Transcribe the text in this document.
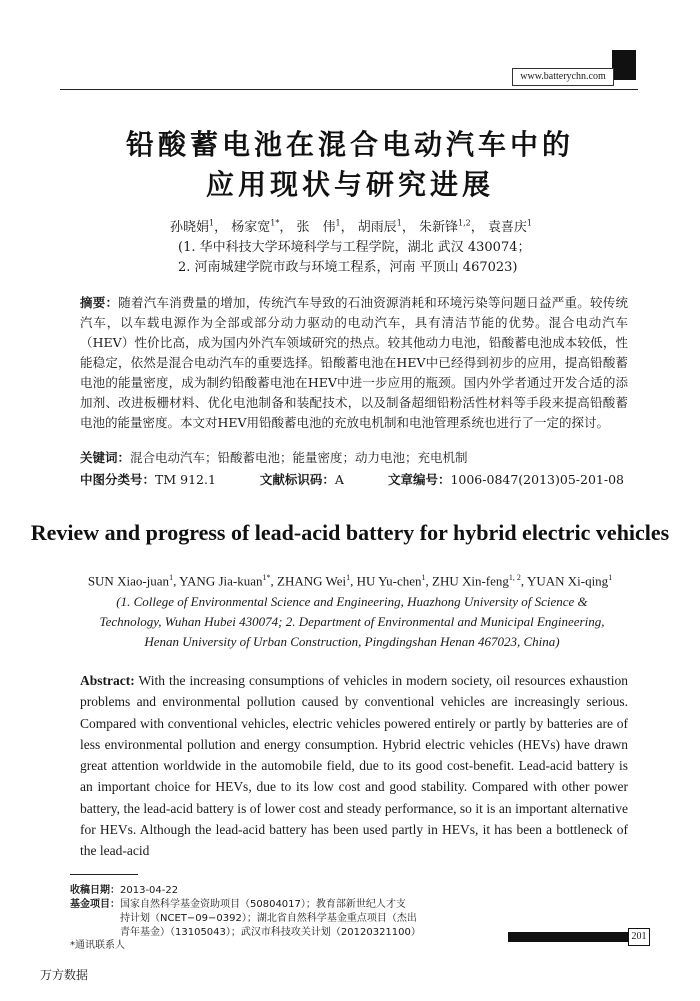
www.batterychn.com
铅酸蓄电池在混合电动汽车中的
应用现状与研究进展
孙晓娟$^1$， 杨家宽$^{1*}$， 张　伟$^1$， 胡雨辰$^1$， 朱新锋$^{1,2}$， 袁喜庆$^1$
(1. 华中科技大学环境科学与工程学院，湖北 武汉 430074；
2. 河南城建学院市政与环境工程系，河南 平顶山 467023)
摘要：随着汽车消费量的增加，传统汽车导致的石油资源消耗和环境污染等问题日益严重。较传统汽车，以车载电源作为全部或部分动力驱动的电动汽车，具有清洁节能的优势。混合电动汽车（HEV）性价比高，成为国内外汽车领域研究的热点。较其他动力电池，铅酸蓄电池成本较低，性能稳定，依然是混合电动汽车的重要选择。铅酸蓄电池在HEV中已经得到初步的应用，提高铅酸蓄电池的能量密度，成为制约铅酸蓄电池在HEV中进一步应用的瓶颈。国内外学者通过开发合适的添加剂、改进板栅材料、优化电池制备和装配技术，以及制备超细铅粉活性材料等手段来提高铅酸蓄电池的能量密度。本文对HEV用铅酸蓄电池的充放电机制和电池管理系统也进行了一定的探讨。
关键词：混合电动汽车；铅酸蓄电池；能量密度；动力电池；充电机制
中图分类号：TM 912.1	文献标识码：A	文章编号：1006-0847(2013)05-201-08
Review and progress of lead-acid battery for hybrid electric vehicles
SUN Xiao-juan$^1$, YANG Jia-kuan$^{1*}$, ZHANG Wei$^1$, HU Yu-chen$^1$, ZHU Xin-feng$^{1, 2}$, YUAN Xi-qing$^1$
(1. College of Environmental Science and Engineering, Huazhong University of Science & Technology, Wuhan Hubei 430074; 2. Department of Environmental and Municipal Engineering, Henan University of Urban Construction, Pingdingshan Henan 467023, China)
Abstract: With the increasing consumptions of vehicles in modern society, oil resources exhaustion problems and environmental pollution caused by conventional vehicles are increasingly serious. Compared with conventional vehicles, electric vehicles powered entirely or partly by batteries are of less environmental pollution and energy consumption. Hybrid electric vehicles (HEVs) have drawn great attention worldwide in the automobile field, due to its good cost-benefit. Lead-acid battery is an important choice for HEVs, due to its low cost and good stability. Compared with other power battery, the lead-acid battery is of lower cost and steady performance, so it is an important alternative for HEVs. Although the lead-acid battery has been used partly in HEVs, it has been a bottleneck of the lead-acid
收稿日期：2013-04-22
基金项目：国家自然科学基金资助项目（50804017）；教育部新世纪人才支
持计划（NCET−09−0392）；湖北省自然科学基金重点项目（杰出
青年基金）（13105043）；武汉市科技攻关计划（20120321100）
*通讯联系人
201
万方数据
